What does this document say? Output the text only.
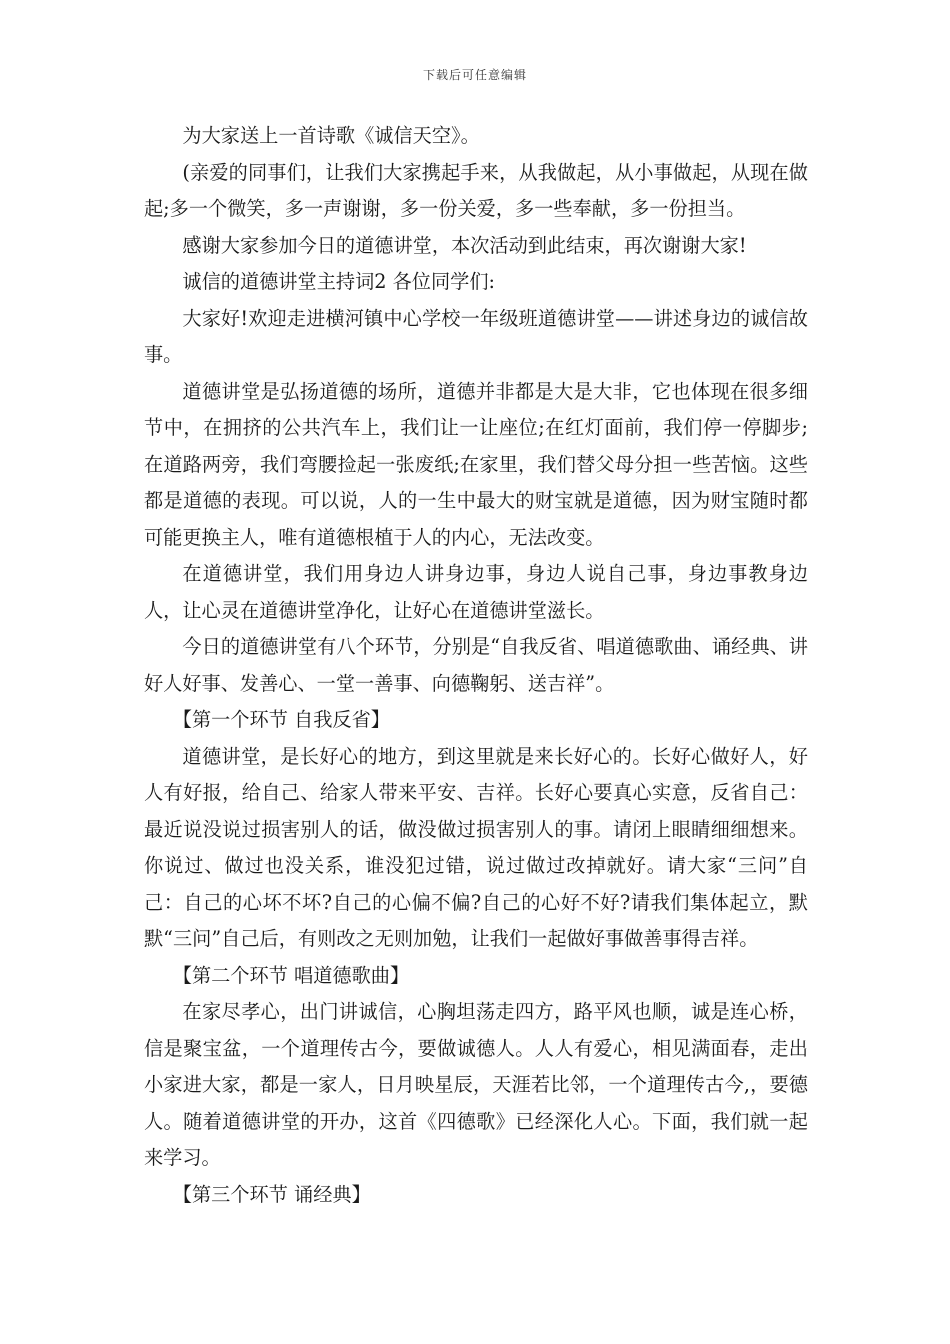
下载后可任意编辑

为大家送上一首诗歌《诚信天空》。

(亲爱的同事们，让我们大家携起手来，从我做起，从小事做起，从现在做起;多一个微笑，多一声谢谢，多一份关爱，多一些奉献，多一份担当。

感谢大家参加今日的道德讲堂，本次活动到此结束，再次谢谢大家!

诚信的道德讲堂主持词2 各位同学们:

大家好!欢迎走进横河镇中心学校一年级班道德讲堂——讲述身边的诚信故事。

道德讲堂是弘扬道德的场所，道德并非都是大是大非，它也体现在很多细节中，在拥挤的公共汽车上，我们让一让座位;在红灯面前，我们停一停脚步;在道路两旁，我们弯腰捡起一张废纸;在家里，我们替父母分担一些苦恼。这些都是道德的表现。可以说，人的一生中最大的财宝就是道德，因为财宝随时都可能更换主人，唯有道德根植于人的内心，无法改变。

在道德讲堂，我们用身边人讲身边事，身边人说自己事，身边事教身边人，让心灵在道德讲堂净化，让好心在道德讲堂滋长。

今日的道德讲堂有八个环节，分别是“自我反省、唱道德歌曲、诵经典、讲好人好事、发善心、一堂一善事、向德鞠躬、送吉祥”。

【第一个环节 自我反省】

道德讲堂，是长好心的地方，到这里就是来长好心的。长好心做好人，好人有好报，给自己、给家人带来平安、吉祥。长好心要真心实意，反省自己：最近说没说过损害别人的话，做没做过损害别人的事。请闭上眼睛细细想来。你说过、做过也没关系，谁没犯过错，说过做过改掉就好。请大家“三问”自己：自己的心坏不坏?自己的心偏不偏?自己的心好不好?请我们集体起立，默默“三问”自己后，有则改之无则加勉，让我们一起做好事做善事得吉祥。

【第二个环节 唱道德歌曲】

在家尽孝心，出门讲诚信，心胸坦荡走四方，路平风也顺，诚是连心桥，信是聚宝盆，一个道理传古今，要做诚德人。人人有爱心，相见满面春，走出小家进大家，都是一家人，日月映星辰，天涯若比邻，一个道理传古今,，要德人。随着道德讲堂的开办，这首《四德歌》已经深化人心。下面，我们就一起来学习。

【第三个环节 诵经典】
